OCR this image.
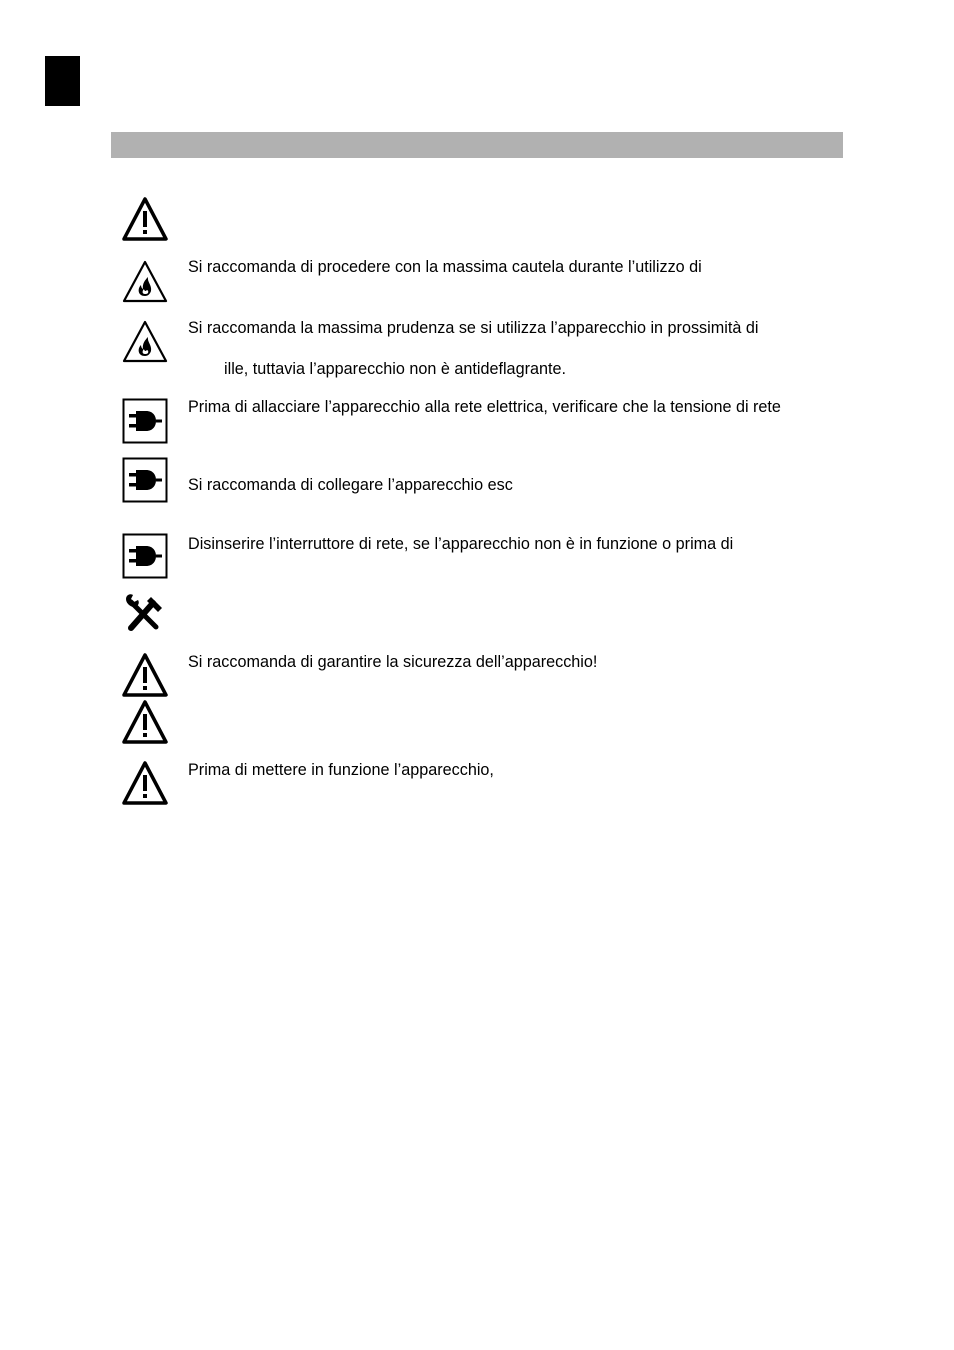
Si raccomanda di procedere con la massima cautela durante l’utilizzo di
Si raccomanda la massima prudenza se si utilizza l’apparecchio in prossimità di
ille, tuttavia l’apparecchio non è antideflagrante.
Prima di allacciare l’apparecchio alla rete elettrica, verificare che la tensione di rete
Si raccomanda di collegare l’apparecchio esc
Disinserire l’interruttore di rete, se l’apparecchio non è in funzione o prima di
Si raccomanda di garantire la sicurezza dell’apparecchio!
Prima di mettere in funzione l’apparecchio,
